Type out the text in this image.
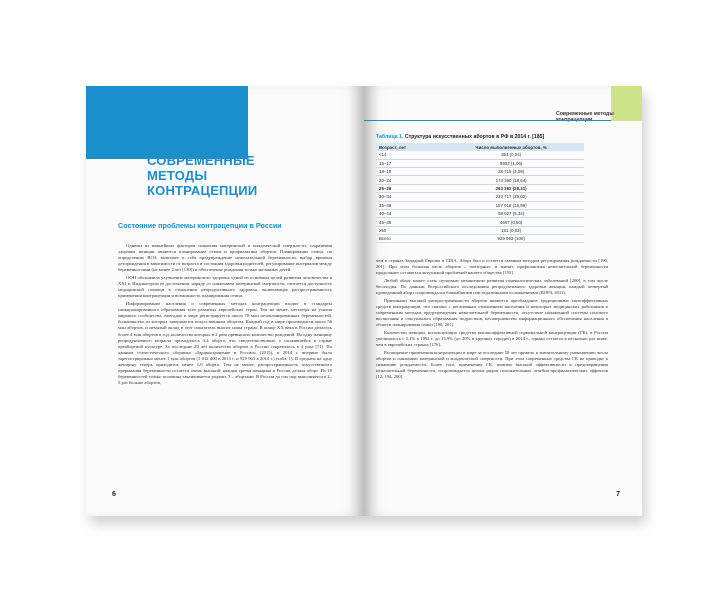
СОВРЕМЕННЫЕ МЕТОДЫ КОНТРАЦЕПЦИИ
Состояние проблемы контрацепции в России

Одними из важнейших факторов снижения материнской и младенческой смертности, сохранения здоровья женщин являются планирование семьи и профилактика абортов. Планирование семьи, по определению ВОЗ, включает в себя предупреждение нежелательной беременности, выбор времени деторождения в зависимости от возраста и состояния здоровья родителей, регулирование интервалов между беременностями (не менее 2 лет [130]) и обеспечение рождения только желанных детей.

ООН обозначила улучшение материнского здоровья одной из основных целей развития человечества в XXI в. Индикатором ее достижения, наряду со снижением материнской смертности, считается доступность медицинской помощи в отношении репродуктивного здоровья, включающая распространенность применения контрацепции и возможность планирования семьи.

Информирование населения о современных методах контрацепции входит в стандарты санкционированного образования всех развитых европейских стран. Тем не менее, несмотря на усилия мирового сообщества, ежегодно в мире регистрируется около 70 млн незапланированных беременностей, большинство из которых завершается искусственным абортом. Каждый год в мире производится около 56 млн абортов, и немалый вклад в этот показатель вносит наша страна. В конце XX века в России делалось более 4 млн абортов в год, количество которых в 2 раза превышало количество рождений. На одну женщину репродуктивного возраста приходилось 3,4 аборта, что свидетельствовало о сложившейся в стране преабортной культуре. За последние 20 лет количество абортов в России сократилось в 4 раза [71]. По данным статистического сборника «Здравоохранение в России» (2015), в 2014 г. впервые было зарегистрировано менее 1 млн абортов (1 012 400 в 2013 г. и 929 963 в 2014 г.) (табл. 1). В среднем на одну женщину теперь приходится менее 1,0 аборта. Тем не менее, распространенность искусственного прерывания беременности остается очень высокой: каждая третья женщина в России делала аборт. Из 10 беременностей только половина заканчивается родами, 3 – абортами. В России до сих пор выполняется в 2–5 раз больше абортов,

6
Современные методы
Таблица 1. Структура искусственных абортов в РФ в 2014 г. [185]
Возраст, лет	Число выполненных абортов, %
<14	354 (0,04)
15–17	9902 (1,06)
18–19	28 715 (3,09)
20–24	173 390 (18,64)
25–29	263 282 (28,31)
30–34	232 717 (25,02)
35–39	157 918 (16,98)
40–44	58 927 (6,34)
45–49	4607 (0,50)
≥50	151 (0,02)
Всего	929 963 (100)

чем в странах Западной Европы и США. Аборт был и остается главным методом регулирования рождаемости [190, 201]. При этом большая часть абортов – повторные, и значит, профилактика нежелательной беременности продолжает оставаться актуальной проблемой нашего общества [193].

Любой аборт может стать пусковым механизмом развития гинекологических заболеваний [200], в том числе бесплодия. По данным Всероссийского исследования репродуктивного здоровья женщин, каждый четвертый проведенный аборт сопровождался ближайшими или отдаленными осложнениями (ВОРЗ, 2011).

Причинами высокой распространенности абортов являются преобладание традиционных малоэффективных средств контрацепции, что связано с негативным отношением населения и некоторых медицинских работников к современным методам предупреждения нежелательной беременности, отсутствие налаженной системы полового воспитания и сексуального образования подростков, несовершенство информационного обеспечения населения в области планирования семьи [190, 201].

Количество женщин, использующих средства высокоэффективной гормональной контрацепции (ГК), в России увеличилось с 2,1% в 1992 г. до 13,9% (до 20% в крупных городах) в 2014 г., однако остается в несколько раз ниже, чем в европейских странах [176].

Расширение применения контрацепции в мире за последние 50 лет привело к значительному уменьшению числа абортов и снижению материнской и младенческой смертности. При этом современные средства ГК не приводят к снижению рождаемости. Более того, применение ГК, помимо высокой эффективности в предотвращении нежелательной беременности, сопровождается целым рядом положительных лечебно-профилактических эффектов [12, 194, 200].

7
